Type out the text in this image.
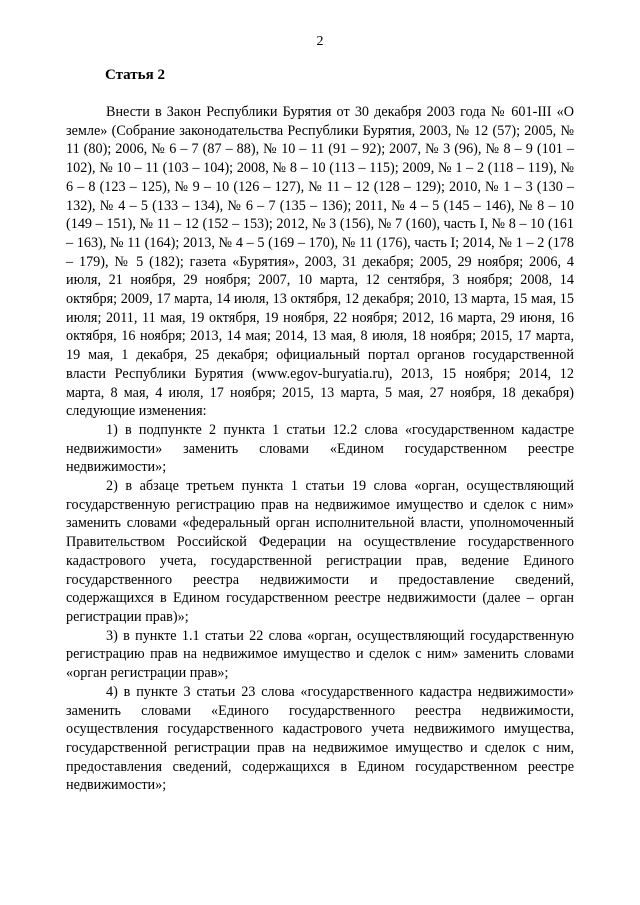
2
Статья 2

Внести в Закон Республики Бурятия от 30 декабря 2003 года № 601-III «О земле» (Собрание законодательства Республики Бурятия, 2003, № 12 (57); 2005, № 11 (80); 2006, № 6 – 7 (87 – 88), № 10 – 11 (91 – 92); 2007, № 3 (96), № 8 – 9 (101 – 102), № 10 – 11 (103 – 104); 2008, № 8 – 10 (113 – 115); 2009, № 1 – 2 (118 – 119), № 6 – 8 (123 – 125), № 9 – 10 (126 – 127), № 11 – 12 (128 – 129); 2010, № 1 – 3 (130 – 132), № 4 – 5 (133 – 134), № 6 – 7 (135 – 136); 2011, № 4 – 5 (145 – 146), № 8 – 10 (149 – 151), № 11 – 12 (152 – 153); 2012, № 3 (156), № 7 (160), часть I, № 8 – 10 (161 – 163), № 11 (164); 2013, № 4 – 5 (169 – 170), № 11 (176), часть I; 2014, № 1 – 2 (178 – 179), № 5 (182); газета «Бурятия», 2003, 31 декабря; 2005, 29 ноября; 2006, 4 июля, 21 ноября, 29 ноября; 2007, 10 марта, 12 сентября, 3 ноября; 2008, 14 октября; 2009, 17 марта, 14 июля, 13 октября, 12 декабря; 2010, 13 марта, 15 мая, 15 июля; 2011, 11 мая, 19 октября, 19 ноября, 22 ноября; 2012, 16 марта, 29 июня, 16 октября, 16 ноября; 2013, 14 мая; 2014, 13 мая, 8 июля, 18 ноября; 2015, 17 марта, 19 мая, 1 декабря, 25 декабря; официальный портал органов государственной власти Республики Бурятия (www.egov-buryatia.ru), 2013, 15 ноября; 2014, 12 марта, 8 мая, 4 июля, 17 ноября; 2015, 13 марта, 5 мая, 27 ноября, 18 декабря) следующие изменения:

1) в подпункте 2 пункта 1 статьи 12.2 слова «государственном кадастре недвижимости» заменить словами «Едином государственном реестре недвижимости»;

2) в абзаце третьем пункта 1 статьи 19 слова «орган, осуществляющий государственную регистрацию прав на недвижимое имущество и сделок с ним» заменить словами «федеральный орган исполнительной власти, уполномоченный Правительством Российской Федерации на осуществление государственного кадастрового учета, государственной регистрации прав, ведение Единого государственного реестра недвижимости и предоставление сведений, содержащихся в Едином государственном реестре недвижимости (далее – орган регистрации прав)»;

3) в пункте 1.1 статьи 22 слова «орган, осуществляющий государственную регистрацию прав на недвижимое имущество и сделок с ним» заменить словами «орган регистрации прав»;

4) в пункте 3 статьи 23 слова «государственного кадастра недвижимости» заменить словами «Единого государственного реестра недвижимости, осуществления государственного кадастрового учета недвижимого имущества, государственной регистрации прав на недвижимое имущество и сделок с ним, предоставления сведений, содержащихся в Едином государственном реестре недвижимости»;
